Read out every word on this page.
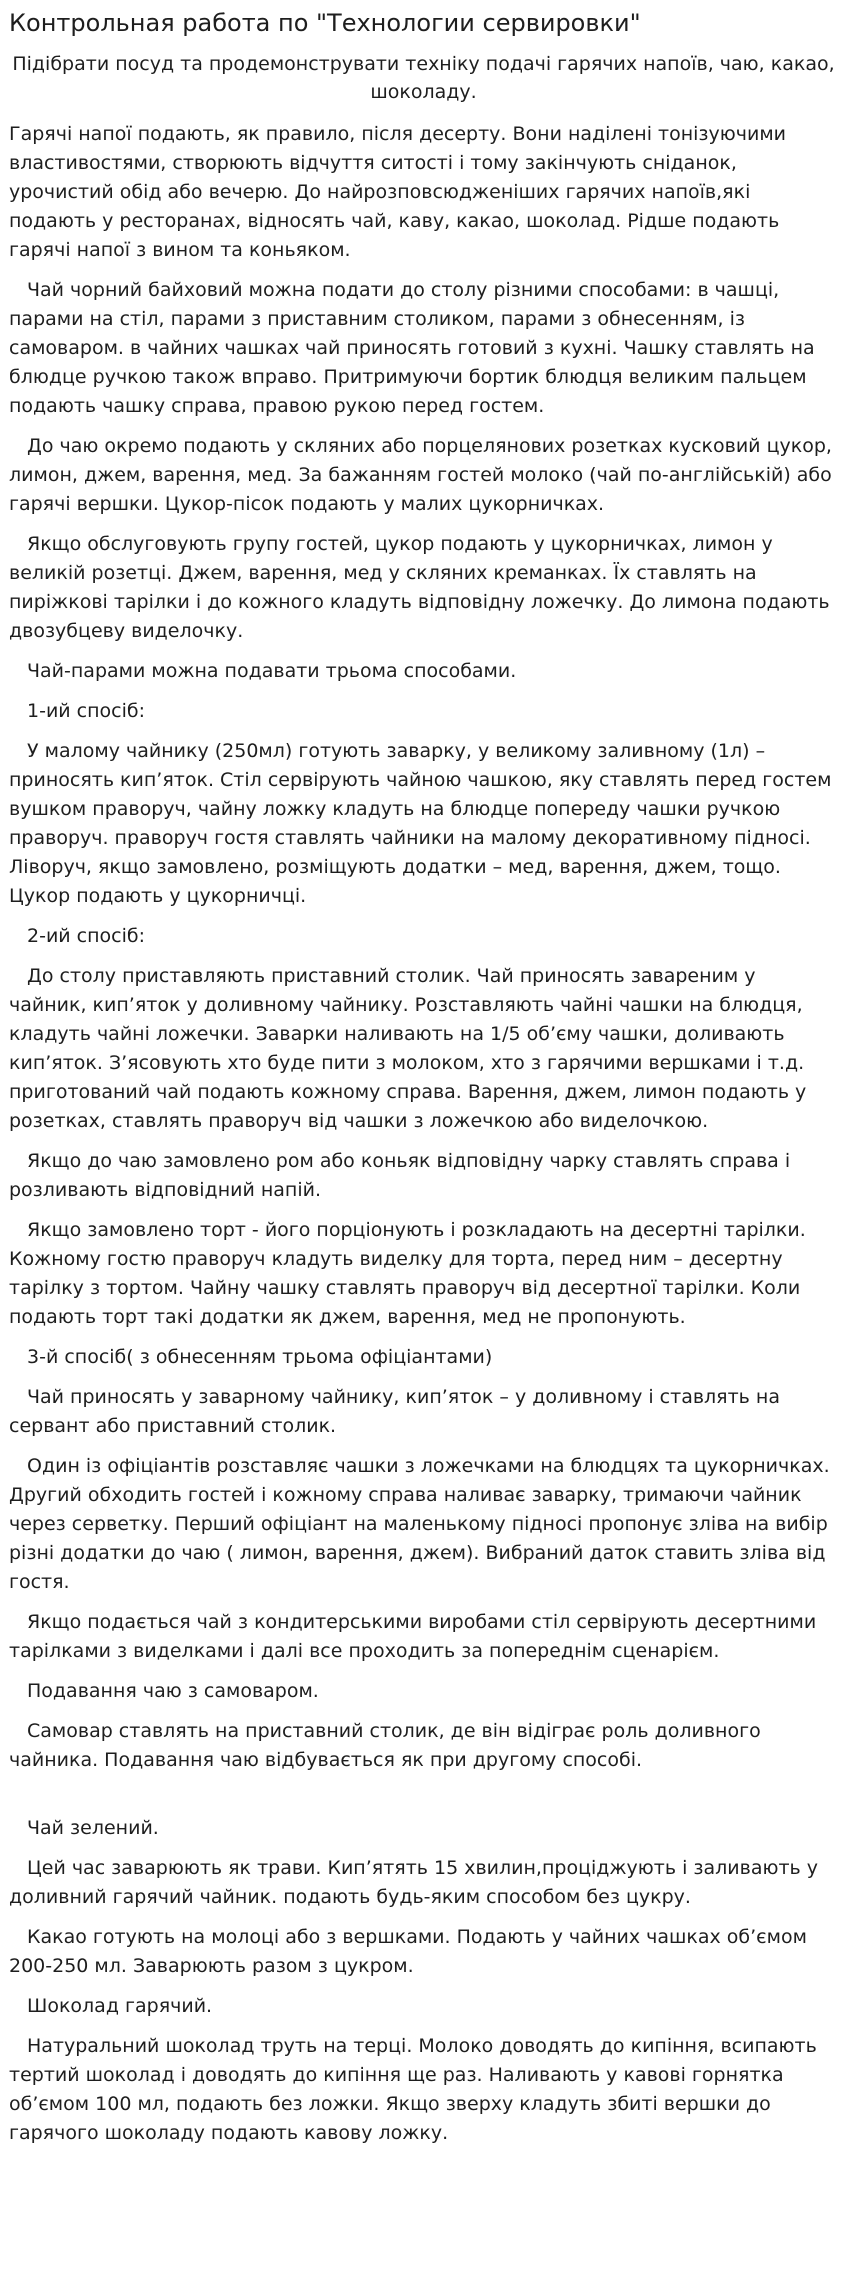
Контрольная работа по "Технологии сервировки"
Підібрати посуд та продемонструвати техніку подачі гарячих напоїв, чаю, какао, шоколаду.

Гарячі напої подають, як правило, після десерту. Вони наділені тонізуючими властивостями, створюють відчуття ситості і тому закінчують сніданок, урочистий обід або вечерю. До найрозповсюдженіших гарячих напоїв,які подають у ресторанах, відносять чай, каву, какао, шоколад. Рідше подають гарячі напої з вином та коньяком.

Чай чорний байховий можна подати до столу різними способами: в чашці, парами на стіл, парами з приставним столиком, парами з обнесенням, із самоваром. в чайних чашках чай приносять готовий з кухні. Чашку ставлять на блюдце ручкою також вправо. Притримуючи бортик блюдця великим пальцем подають чашку справа, правою рукою перед гостем.

До чаю окремо подають у скляних або порцелянових розетках кусковий цукор, лимон, джем, варення, мед. За бажанням гостей молоко (чай по-англійській) або гарячі вершки. Цукор-пісок подають у малих цукорничках.

Якщо обслуговують групу гостей, цукор подають у цукорничках, лимон у великій розетці. Джем, варення, мед у скляних креманках. Їх ставлять на пиріжкові тарілки і до кожного кладуть відповідну ложечку. До лимона подають двозубцеву виделочку.

Чай-парами можна подавати трьома способами.

1-ий спосіб:

У малому чайнику (250мл) готують заварку, у великому заливному (1л) – приносять кип’яток. Стіл сервірують чайною чашкою, яку ставлять перед гостем вушком праворуч, чайну ложку кладуть на блюдце попереду чашки ручкою праворуч. праворуч гостя ставлять чайники на малому декоративному підносі. Ліворуч, якщо замовлено, розміщують додатки – мед, варення, джем, тощо. Цукор подають у цукорничці.

2-ий спосіб:

До столу приставляють приставний столик. Чай приносять завареним у чайник, кип’яток у доливному чайнику. Розставляють чайні чашки на блюдця, кладуть чайні ложечки. Заварки наливають на 1/5 об’єму чашки, доливають кип’яток. З’ясовують хто буде пити з молоком, хто з гарячими вершками і т.д. приготований чай подають кожному справа. Варення, джем, лимон подають у розетках, ставлять праворуч від чашки з ложечкою або виделочкою.

Якщо до чаю замовлено ром або коньяк відповідну чарку ставлять справа і розливають відповідний напій.

Якщо замовлено торт - його порціонують і розкладають на десертні тарілки. Кожному гостю праворуч кладуть виделку для торта, перед ним – десертну тарілку з тортом. Чайну чашку ставлять праворуч від десертної тарілки. Коли подають торт такі додатки як джем, варення, мед не пропонують.

3-й спосіб( з обнесенням трьома офіціантами)

Чай приносять у заварному чайнику, кип’яток – у доливному і ставлять на сервант або приставний столик.

Один із офіціантів розставляє чашки з ложечками на блюдцях та цукорничках. Другий обходить гостей і кожному справа наливає заварку, тримаючи чайник через серветку. Перший офіціант на маленькому підносі пропонує зліва на вибір різні додатки до чаю ( лимон, варення, джем). Вибраний даток ставить зліва від гостя.

Якщо подається чай з кондитерськими виробами стіл сервірують десертними тарілками з виделками і далі все проходить за попереднім сценарієм.

Подавання чаю з самоваром.

Самовар ставлять на приставний столик, де він відіграє роль доливного чайника. Подавання чаю відбувається як при другому способі.

Чай зелений.

Цей час заварюють як трави. Кип’ятять 15 хвилин,проціджують і заливають у доливний гарячий чайник. подають будь-яким способом без цукру.

Какао готують на молоці або з вершками. Подають у чайних чашках об’ємом 200-250 мл. Заварюють разом з цукром.

Шоколад гарячий.

Натуральний шоколад труть на терці. Молоко доводять до кипіння, всипають тертий шоколад і доводять до кипіння ще раз. Наливають у кавові горнятка об’ємом 100 мл, подають без ложки. Якщо зверху кладуть збиті вершки до гарячого шоколаду подають кавову ложку.
